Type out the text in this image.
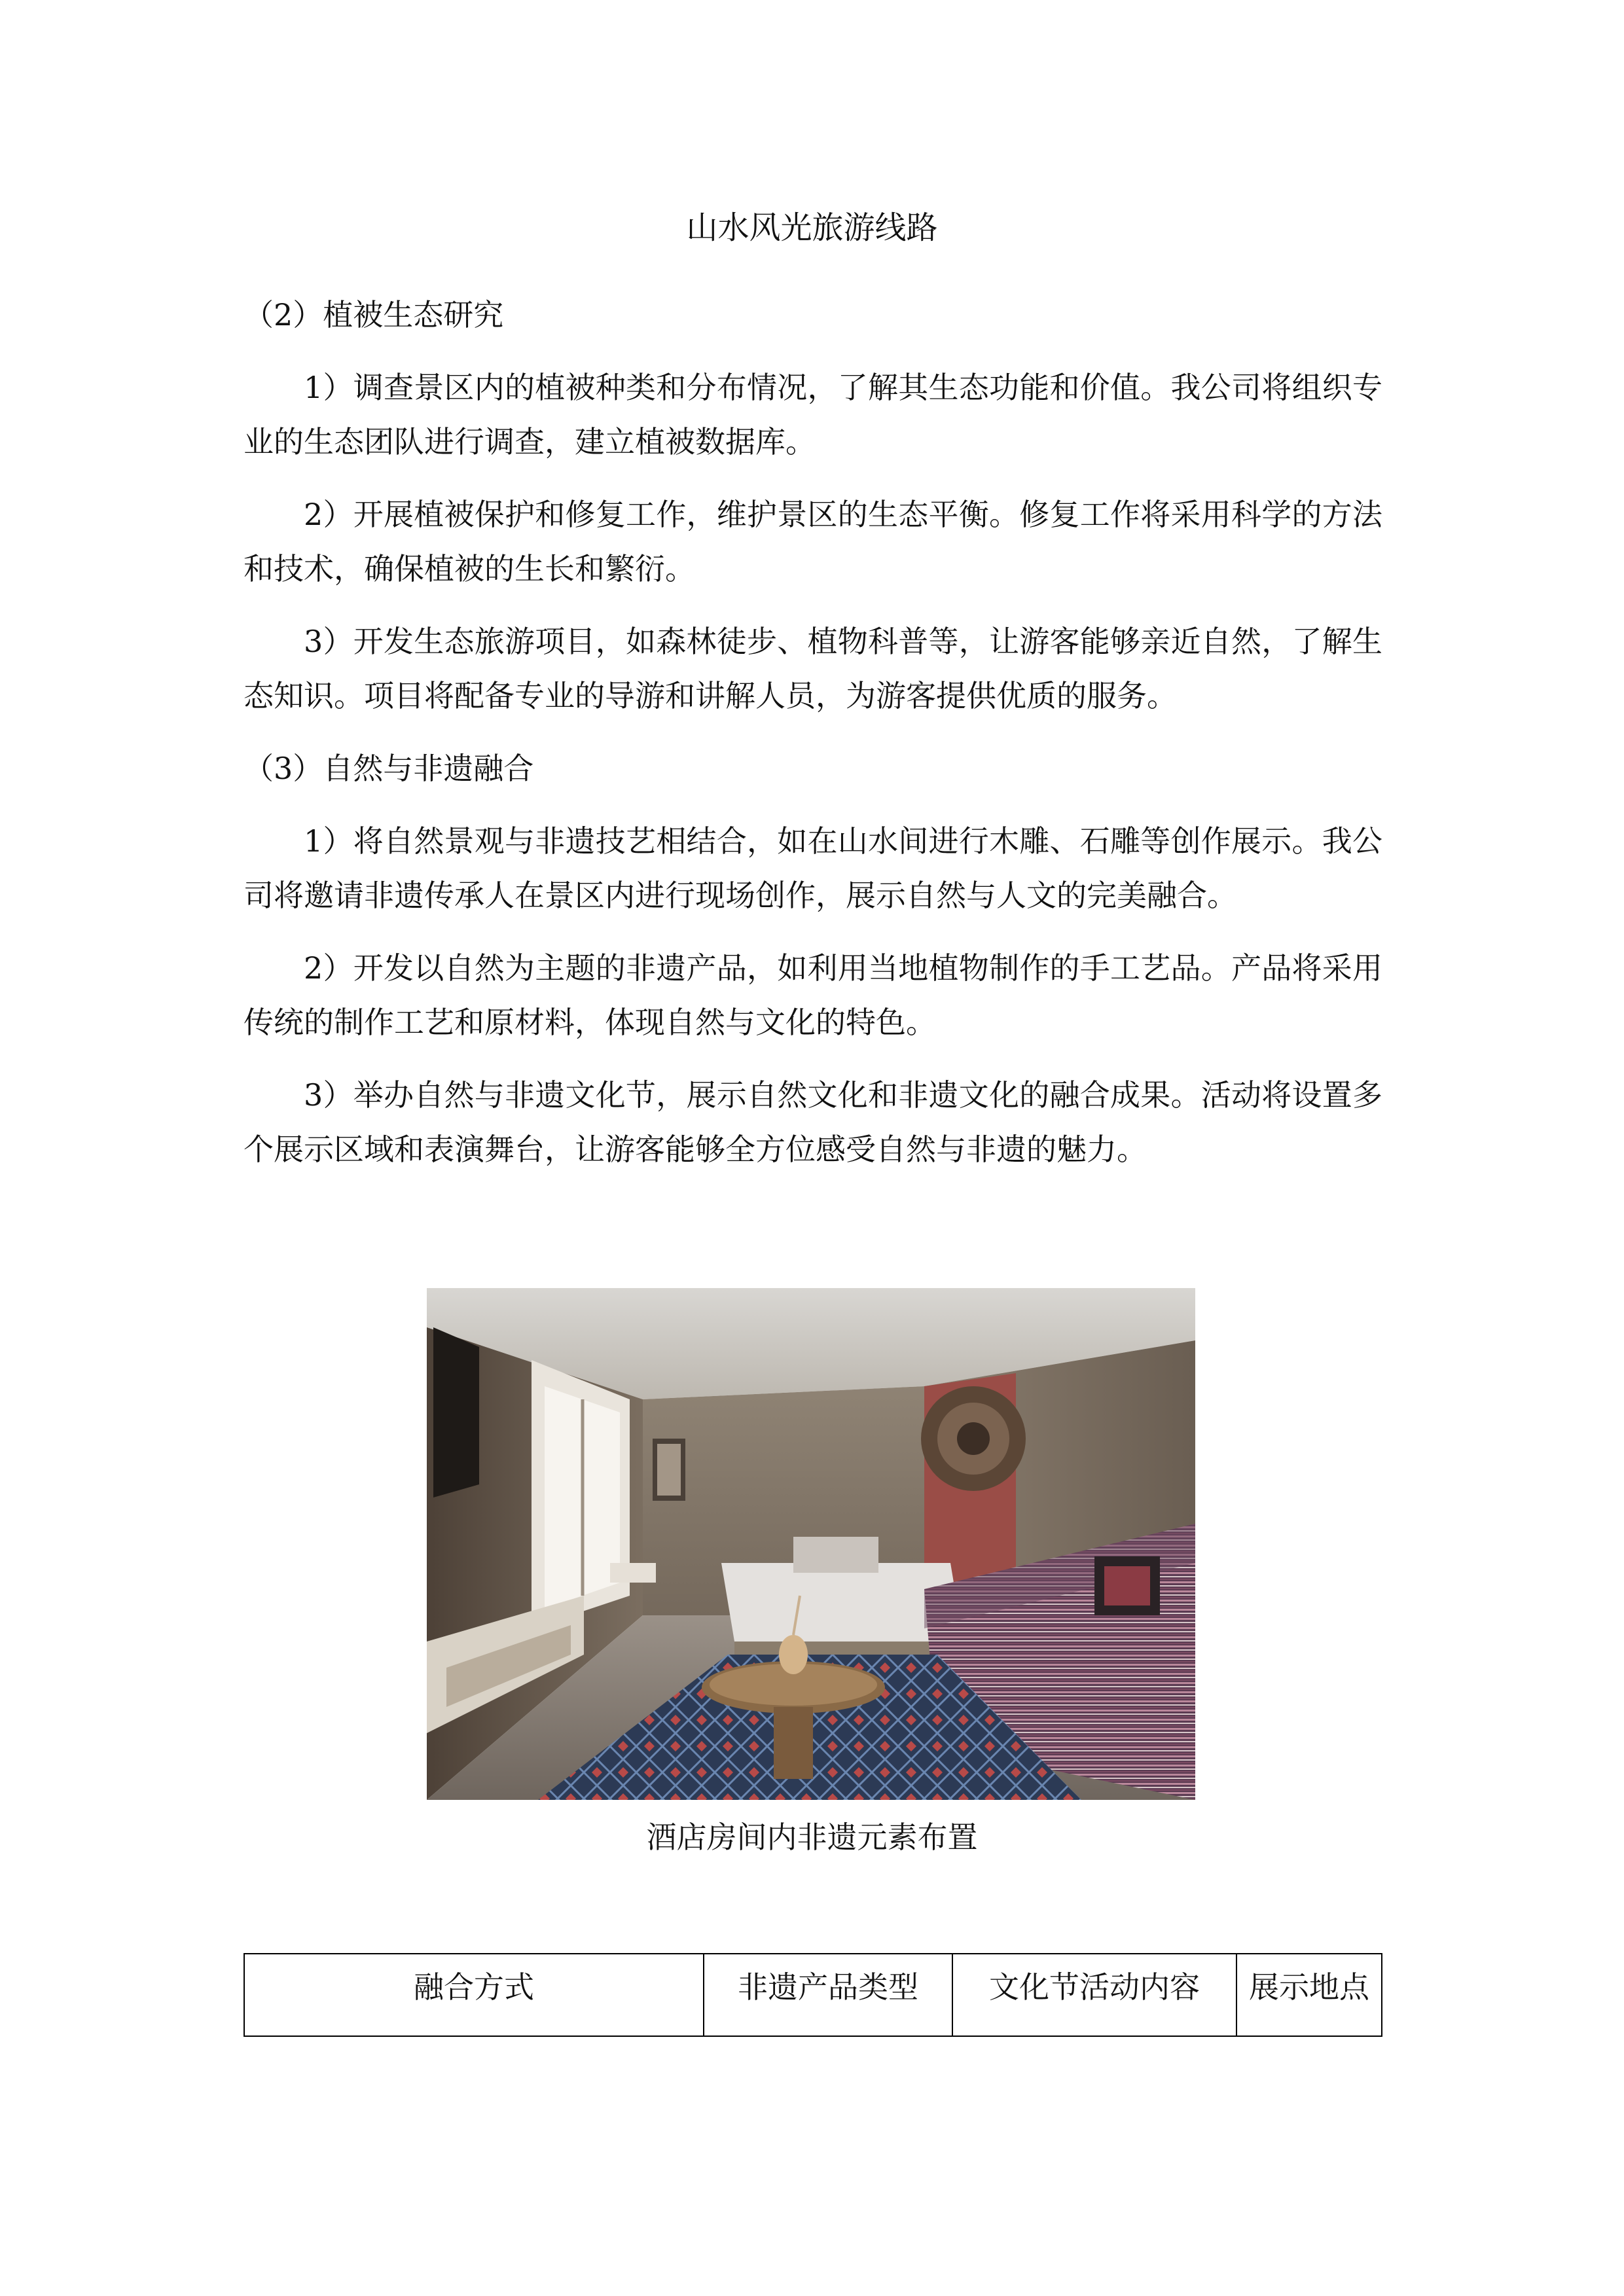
山水风光旅游线路
（2）植被生态研究

1）调查景区内的植被种类和分布情况，了解其生态功能和价值。我公司将组织专业的生态团队进行调查，建立植被数据库。

2）开展植被保护和修复工作，维护景区的生态平衡。修复工作将采用科学的方法和技术，确保植被的生长和繁衍。

3）开发生态旅游项目，如森林徒步、植物科普等，让游客能够亲近自然，了解生态知识。项目将配备专业的导游和讲解人员，为游客提供优质的服务。

（3）自然与非遗融合

1）将自然景观与非遗技艺相结合，如在山水间进行木雕、石雕等创作展示。我公司将邀请非遗传承人在景区内进行现场创作，展示自然与人文的完美融合。

2）开发以自然为主题的非遗产品，如利用当地植物制作的手工艺品。产品将采用传统的制作工艺和原材料，体现自然与文化的特色。

3）举办自然与非遗文化节，展示自然文化和非遗文化的融合成果。活动将设置多个展示区域和表演舞台，让游客能够全方位感受自然与非遗的魅力。

酒店房间内非遗元素布置
融合方式	非遗产品类型	文化节活动内容	展示地点
